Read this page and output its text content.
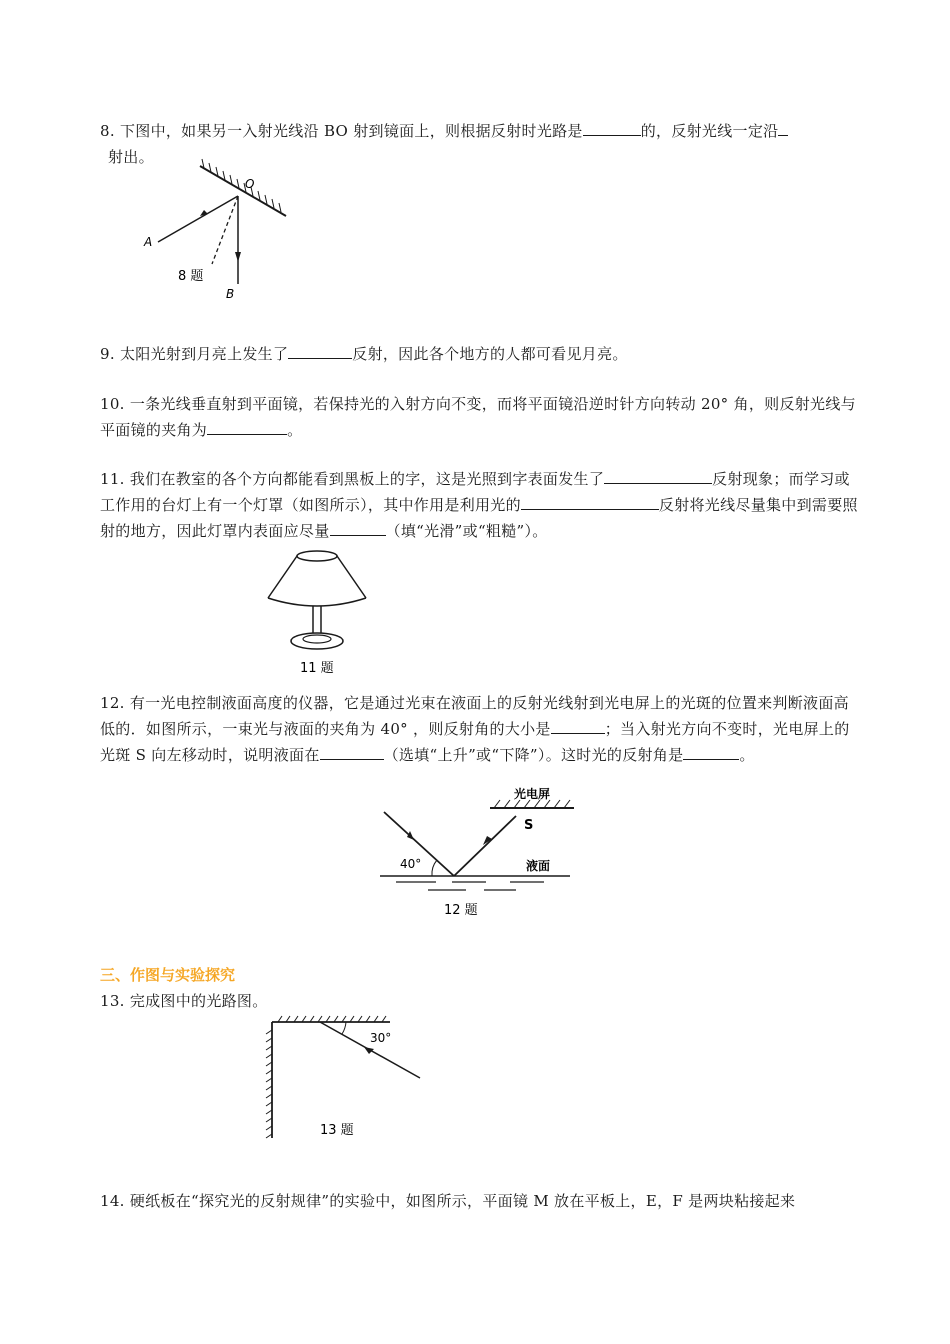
8. 下图中，如果另一入射光线沿 BO 射到镜面上，则根据反射时光路是	的，反射光线一定沿
射出。
O
A
B
8 题
9. 太阳光射到月亮上发生了	反射，因此各个地方的人都可看见月亮。
10. 一条光线垂直射到平面镜，若保持光的入射方向不变，而将平面镜沿逆时针方向转动 20° 角，则反射光线与平面镜的夹角为	。
11. 我们在教室的各个方向都能看到黑板上的字，这是光照到字表面发生了	反射现象；而学习或工作用的台灯上有一个灯罩（如图所示），其中作用是利用光的	反射将光线尽量集中到需要照射的地方，因此灯罩内表面应尽量	（填“光滑”或“粗糙”）。
11 题
12. 有一光电控制液面高度的仪器，它是通过光束在液面上的反射光线射到光电屏上的光斑的位置来判断液面高低的．如图所示，一束光与液面的夹角为 40° ，则反射角的大小是	；当入射光方向不变时，光电屏上的光斑 S 向左移动时，说明液面在	（选填“上升”或“下降”）。这时光的反射角是	。
光电屏
S
40°	液面
12 题
三、作图与实验探究
13. 完成图中的光路图。
30°
13 题
14. 硬纸板在“探究光的反射规律”的实验中，如图所示，平面镜 M 放在平板上，E，F 是两块粘接起来
